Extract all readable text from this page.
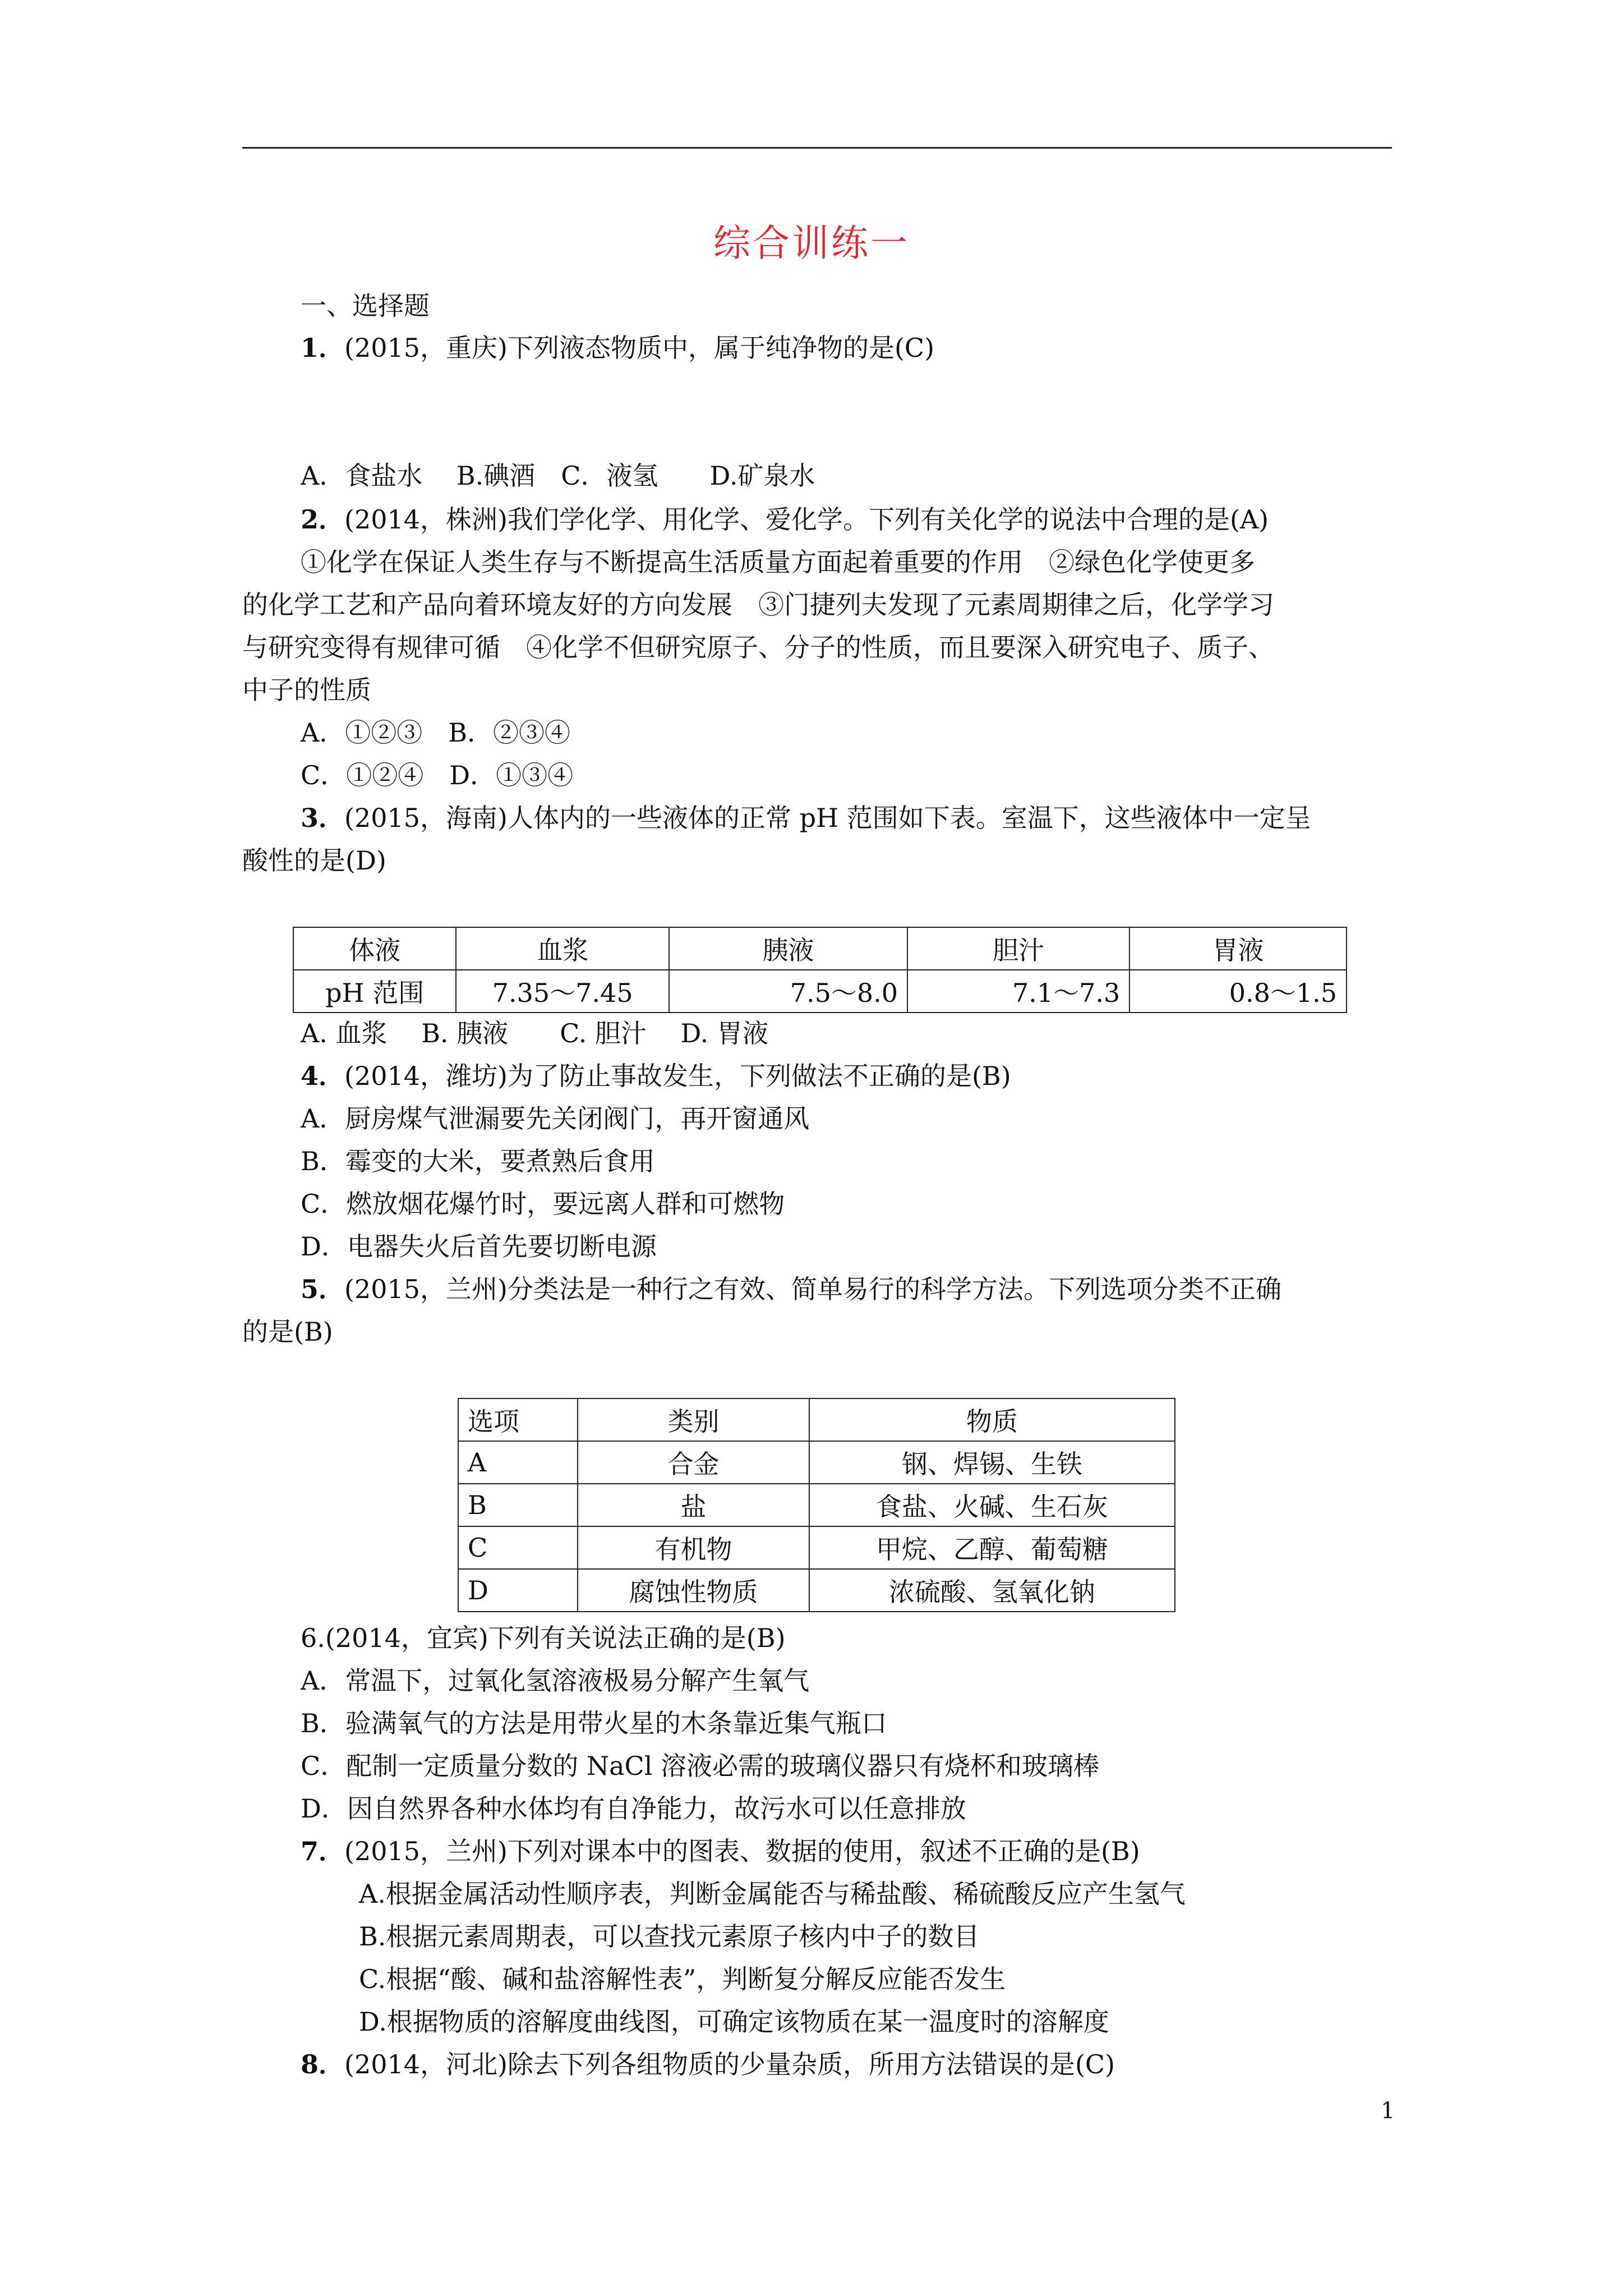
综合训练一
一、选择题
1．(2015，重庆)下列液态物质中，属于纯净物的是(C)
A．食盐水　 B.碘酒　C．液氢　　D.矿泉水
2．(2014，株洲)我们学化学、用化学、爱化学。下列有关化学的说法中合理的是(A)
①化学在保证人类生存与不断提高生活质量方面起着重要的作用　②绿色化学使更多
的化学工艺和产品向着环境友好的方向发展　③门捷列夫发现了元素周期律之后，化学学习
与研究变得有规律可循　④化学不但研究原子、分子的性质，而且要深入研究电子、质子、
中子的性质
A．①②③　B．②③④
C．①②④　D．①③④
3．(2015，海南)人体内的一些液体的正常 pH 范围如下表。室温下，这些液体中一定呈
酸性的是(D)
体液	血浆	胰液	胆汁	胃液
pH 范围	7.35～7.45	7.5～8.0	7.1～7.3	0.8～1.5
A. 血浆　 B. 胰液　　C. 胆汁　 D. 胃液
4．(2014，潍坊)为了防止事故发生，下列做法不正确的是(B)
A．厨房煤气泄漏要先关闭阀门，再开窗通风
B．霉变的大米，要煮熟后食用
C．燃放烟花爆竹时，要远离人群和可燃物
D．电器失火后首先要切断电源
5．(2015，兰州)分类法是一种行之有效、简单易行的科学方法。下列选项分类不正确
的是(B)
选项	类别	物质
A	合金	钢、焊锡、生铁
B	盐	食盐、火碱、生石灰
C	有机物	甲烷、乙醇、葡萄糖
D	腐蚀性物质	浓硫酸、氢氧化钠
6.(2014，宜宾)下列有关说法正确的是(B)
A．常温下，过氧化氢溶液极易分解产生氧气
B．验满氧气的方法是用带火星的木条靠近集气瓶口
C．配制一定质量分数的 NaCl 溶液必需的玻璃仪器只有烧杯和玻璃棒
D．因自然界各种水体均有自净能力，故污水可以任意排放
7．(2015，兰州)下列对课本中的图表、数据的使用，叙述不正确的是(B)
A.根据金属活动性顺序表，判断金属能否与稀盐酸、稀硫酸反应产生氢气
B.根据元素周期表，可以查找元素原子核内中子的数目
C.根据“酸、碱和盐溶解性表”，判断复分解反应能否发生
D.根据物质的溶解度曲线图，可确定该物质在某一温度时的溶解度
8．(2014，河北)除去下列各组物质的少量杂质，所用方法错误的是(C)
1
